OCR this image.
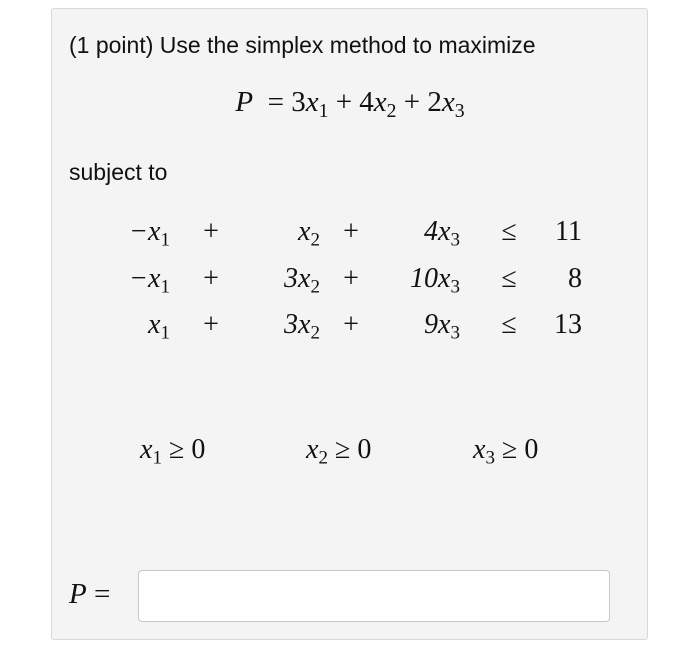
(1 point) Use the simplex method to maximize
$P = 3x_1 + 4x_2 + 2x_3$
subject to
$-x_1$ +	$x_2$ +	$4x_3$ ≤	11
$-x_1$ +	$3x_2$ +	$10x_3$ ≤	8
$x_1$ +	$3x_2$ +	$9x_3$ ≤	13
$x_1 \ge 0$	$x_2 \ge 0$	$x_3 \ge 0$
P =
